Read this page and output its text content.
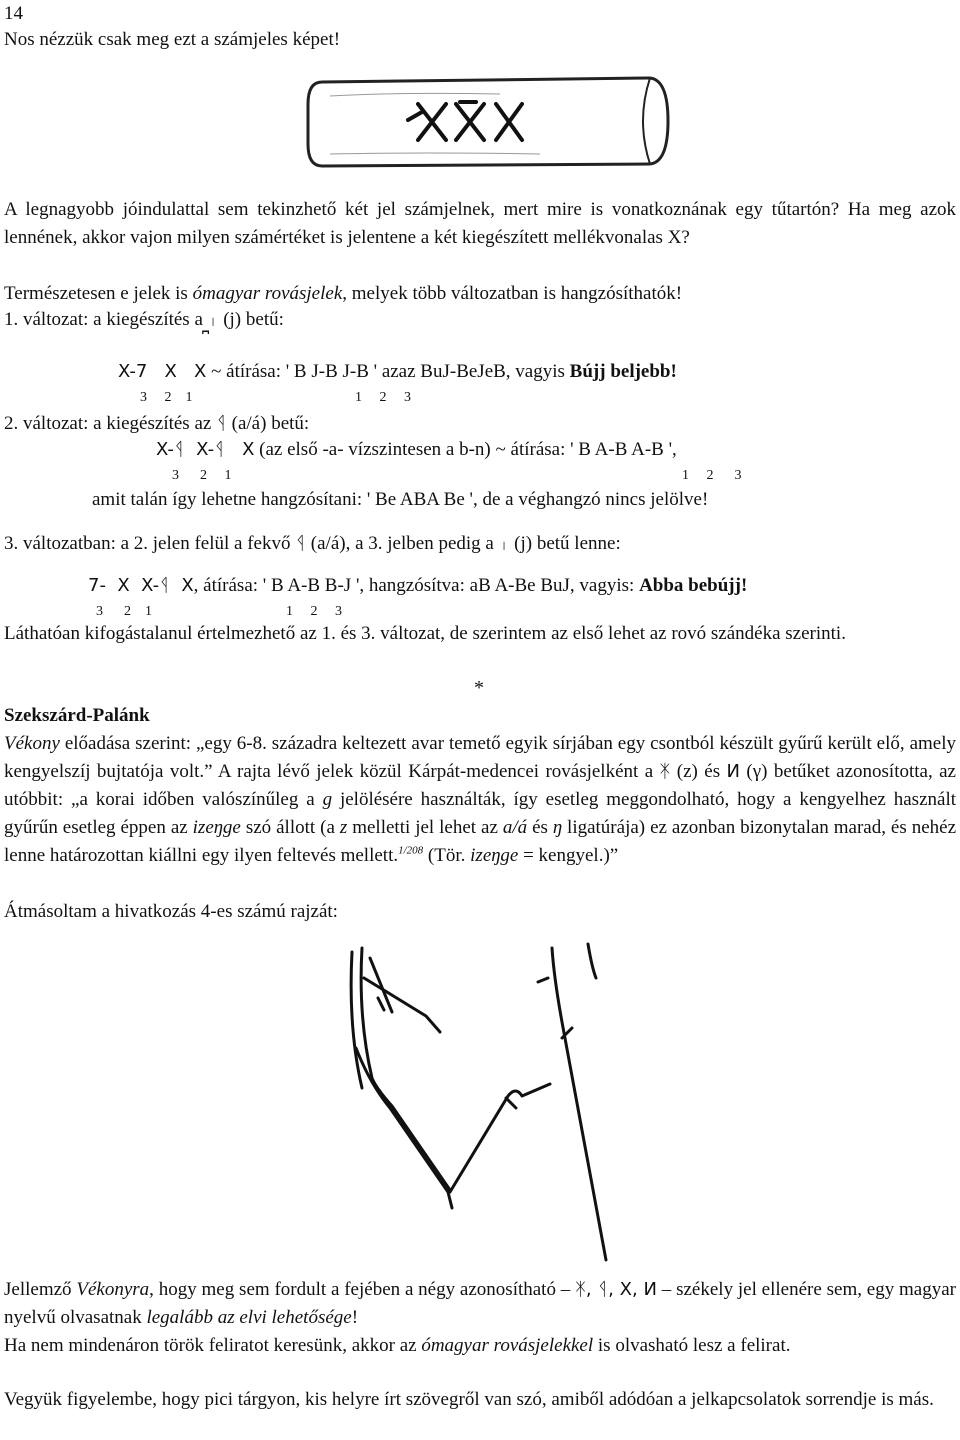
14
Nos nézzük csak meg ezt a számjeles képet!
A legnagyobb jóindulattal sem tekinzhető két jel számjelnek, mert mire is vonatkoznának egy tűtartón? Ha meg azok lennének, akkor vajon milyen számértéket is jelentene a két kiegészített mellékvonalas X?
Természetesen e jelek is ómagyar rovásjelek, melyek több változatban is hangzósíthatók!
1. változat: a kiegészítés a ᛧ (j) betű:
⎴
X-7   X   X ~ átírása: ' B J-B J-B ' azaz BuJ-BeJeB, vagyis Bújj beljebb!
3     2    1	1     2     3
2. változat: a kiegészítés az ᛩ (a/á) betű:
X-ᛩ  X-ᛩ   X (az első -a- vízszintesen a b-n) ~ átírása: ' B A-B A-B ',
3      2     1	1     2      3
amit talán így lehetne hangzósítani: ' Be ABA Be ', de a véghangzó nincs jelölve!
3. változatban: a 2. jelen felül a fekvő ᛩ (a/á), a 3. jelben pedig a ᛧ (j) betű lenne:
7-  X  X-ᛩ  X, átírása: ' B A-B B-J ', hangzósítva: aB A-Be BuJ, vagyis: Abba bebújj!
3      2    1	1     2     3
Láthatóan kifogástalanul értelmezhető az 1. és 3. változat, de szerintem az első lehet az rovó szándéka szerinti.
*
Szekszárd-Palánk
Vékony előadása szerint: „egy 6-8. századra keltezett avar temető egyik sírjában egy csontból készült gyűrű került elő, amely kengyelszíj bujtatója volt.” A rajta lévő jelek közül Kárpát-medencei rovásjelként a ᛡ (z) és И (γ) betűket azonosította, az utóbbit: „a korai időben valószínűleg a g jelölésére használták, így esetleg meggondolható, hogy a kengyelhez használt gyűrűn esetleg éppen az izeŋge szó állott (a z melletti jel lehet az a/á és ŋ ligatúrája) ez azonban bizonytalan marad, és nehéz lenne határozottan kiállni egy ilyen feltevés mellett.$^{1/208}$ (Tör. izeŋge = kengyel.)”
Átmásoltam a hivatkozás 4-es számú rajzát:
Jellemző Vékonyra, hogy meg sem fordult a fejében a négy azonosítható – ᛡ, ᛩ, X, И – székely jel ellenére sem, egy magyar nyelvű olvasatnak legalább az elvi lehetősége!
Ha nem mindenáron török feliratot keresünk, akkor az ómagyar rovásjelekkel is olvasható lesz a felirat.
Vegyük figyelembe, hogy pici tárgyon, kis helyre írt szövegről van szó, amiből adódóan a jelkapcsolatok sorrendje is más.
